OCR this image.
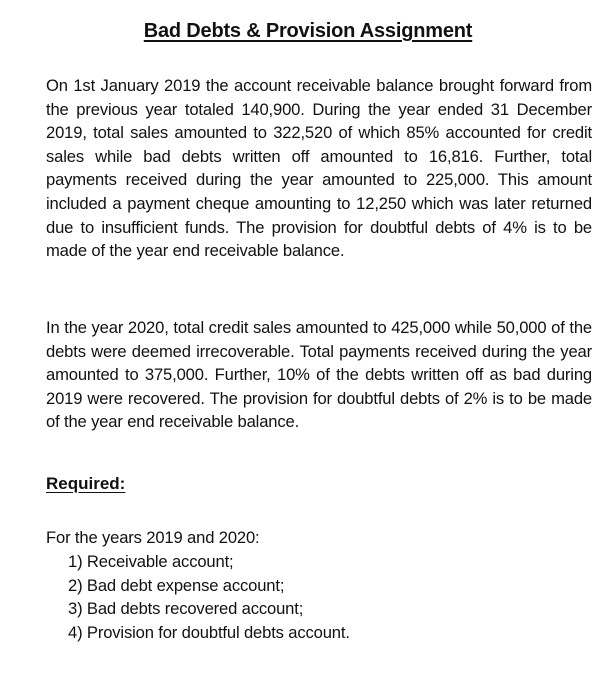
Bad Debts & Provision Assignment

On 1st January 2019 the account receivable balance brought forward from the previous year totaled 140,900. During the year ended 31 December 2019, total sales amounted to 322,520 of which 85% accounted for credit sales while bad debts written off amounted to 16,816. Further, total payments received during the year amounted to 225,000. This amount included a payment cheque amounting to 12,250 which was later returned due to insufficient funds. The provision for doubtful debts of 4% is to be made of the year end receivable balance.

In the year 2020, total credit sales amounted to 425,000 while 50,000 of the debts were deemed irrecoverable. Total payments received during the year amounted to 375,000. Further, 10% of the debts written off as bad during 2019 were recovered. The provision for doubtful debts of 2% is to be made of the year end receivable balance.

Required:
For the years 2019 and 2020:
1) Receivable account;
2) Bad debt expense account;
3) Bad debts recovered account;
4) Provision for doubtful debts account.
